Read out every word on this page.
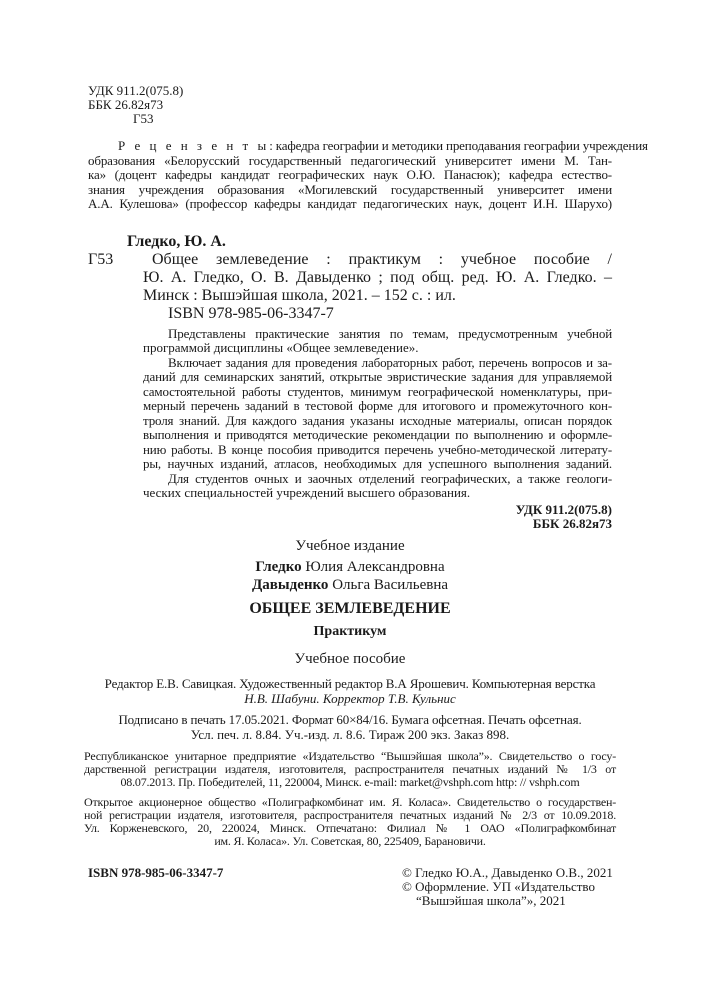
УДК 911.2(075.8)
ББК 26.82я73
Г53
Р е ц е н з е н т ы: кафедра географии и методики преподавания географии учреждения
образования «Белорусский государственный педагогический университет имени М. Тан-
ка» (доцент кафедры кандидат географических наук О.Ю. Панасюк); кафедра естество-
знания учреждения образования «Могилевский государственный университет имени
А.А. Кулешова» (профессор кафедры кандидат педагогических наук, доцент И.Н. Шарухо)
Гледко, Ю. А.
Г53 Общее землеведение : практикум : учебное пособие /
Ю. А. Гледко, О. В. Давыденко ; под общ. ред. Ю. А. Гледко. –
Минск : Вышэйшая школа, 2021. – 152 с. : ил.
ISBN 978-985-06-3347-7
Представлены практические занятия по темам, предусмотренным учебной
программой дисциплины «Общее землеведение».
Включает задания для проведения лабораторных работ, перечень вопросов и за-
даний для семинарских занятий, открытые эвристические задания для управляемой
самостоятельной работы студентов, минимум географической номенклатуры, при-
мерный перечень заданий в тестовой форме для итогового и промежуточного кон-
троля знаний. Для каждого задания указаны исходные материалы, описан порядок
выполнения и приводятся методические рекомендации по выполнению и оформле-
нию работы. В конце пособия приводится перечень учебно-методической литерату-
ры, научных изданий, атласов, необходимых для успешного выполнения заданий.
Для студентов очных и заочных отделений географических, а также геологи-
ческих специальностей учреждений высшего образования.
УДК 911.2(075.8)
ББК 26.82я73
Учебное издание
Гледко Юлия Александровна
Давыденко Ольга Васильевна
ОБЩЕЕ ЗЕМЛЕВЕДЕНИЕ
Практикум
Учебное пособие
Редактор Е.В. Савицкая. Художественный редактор В.А Ярошевич. Компьютерная верстка
Н.В. Шабуни. Корректор Т.В. Кульнис
Подписано в печать 17.05.2021. Формат 60×84/16. Бумага офсетная. Печать офсетная.
Усл. печ. л. 8.84. Уч.-изд. л. 8.6. Тираж 200 экз. Заказ 898.
Республиканское унитарное предприятие «Издательство “Вышэйшая школа”». Свидетельство о госу-
дарственной регистрации издателя, изготовителя, распространителя печатных изданий № 1/3 от
08.07.2013. Пр. Победителей, 11, 220004, Минск. e-mail: market@vshph.com http: // vshph.com
Открытое акционерное общество «Полиграфкомбинат им. Я. Коласа». Свидетельство о государствен-
ной регистрации издателя, изготовителя, распространителя печатных изданий № 2/3 от 10.09.2018.
Ул. Корженевского, 20, 220024, Минск. Отпечатано: Филиал № 1 ОАО «Полиграфкомбинат
им. Я. Коласа». Ул. Советская, 80, 225409, Барановичи.
ISBN 978-985-06-3347-7	© Гледко Ю.А., Давыденко О.В., 2021
© Оформление. УП «Издательство
“Вышэйшая школа”», 2021
